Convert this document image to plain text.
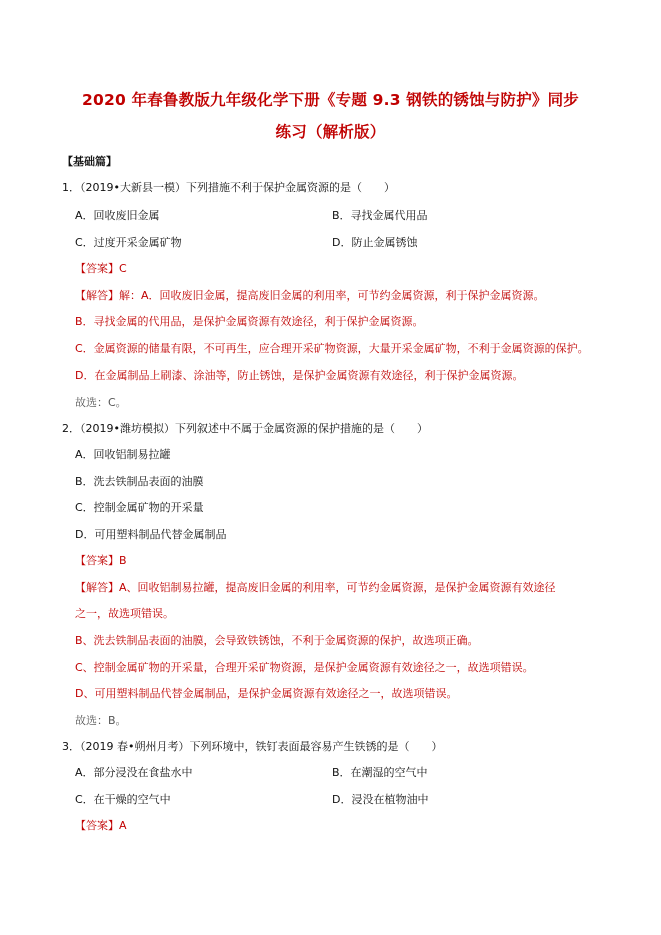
2020 年春鲁教版九年级化学下册《专题 9.3 钢铁的锈蚀与防护》同步
练习（解析版）
【基础篇】
1．（2019•大新县一模）下列措施不利于保护金属资源的是（　　）
A．回收废旧金属	B．寻找金属代用品
C．过度开采金属矿物	D．防止金属锈蚀
【答案】C
【解答】解：A．回收废旧金属，提高废旧金属的利用率，可节约金属资源，利于保护金属资源。
B．寻找金属的代用品，是保护金属资源有效途径，利于保护金属资源。
C．金属资源的储量有限，不可再生，应合理开采矿物资源，大量开采金属矿物，不利于金属资源的保护。
D．在金属制品上刷漆、涂油等，防止锈蚀，是保护金属资源有效途径，利于保护金属资源。
故选：C。
2．（2019•潍坊模拟）下列叙述中不属于金属资源的保护措施的是（　　）
A．回收铝制易拉罐
B．洗去铁制品表面的油膜
C．控制金属矿物的开采量
D．可用塑料制品代替金属制品
【答案】B
【解答】A、回收铝制易拉罐，提高废旧金属的利用率，可节约金属资源，是保护金属资源有效途径
之一，故选项错误。
B、洗去铁制品表面的油膜，会导致铁锈蚀，不利于金属资源的保护，故选项正确。
C、控制金属矿物的开采量，合理开采矿物资源，是保护金属资源有效途径之一，故选项错误。
D、可用塑料制品代替金属制品，是保护金属资源有效途径之一，故选项错误。
故选：B。
3．（2019 春•朔州月考）下列环境中，铁钉表面最容易产生铁锈的是（　　）
A．部分浸没在食盐水中	B．在潮湿的空气中
C．在干燥的空气中	D．浸没在植物油中
【答案】A
